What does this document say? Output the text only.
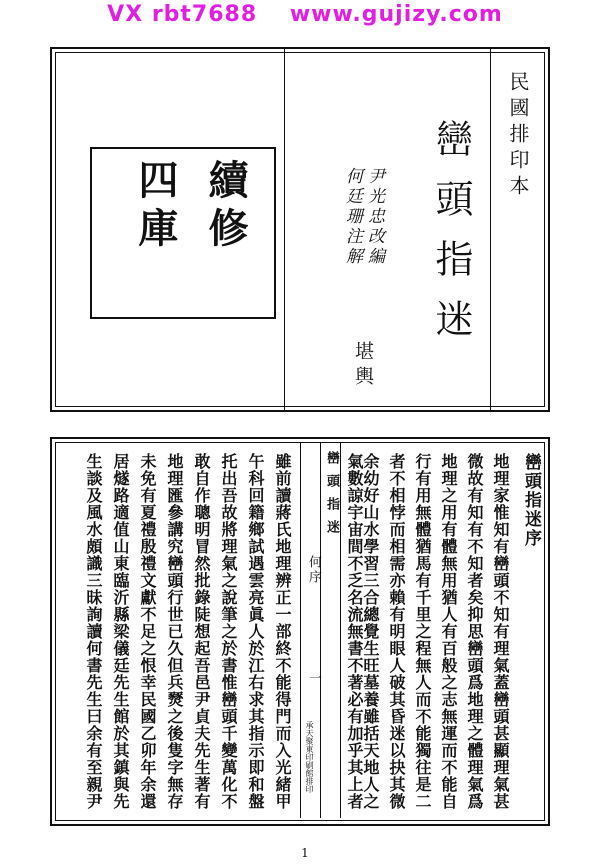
VX rbt7688 www.gujizy.com
民國排印本
巒頭指迷
尹光忠改編
何廷珊注解
堪輿
續修
四庫
巒頭指迷序
地理家惟知有巒頭不知有理氣蓋巒頭甚顯理氣甚
微故有知有不知者矣抑思巒頭爲地理之體理氣爲
地理之用有體無用猶人有百般之志無運而不能自
行有用無體猶馬有千里之程無人而不能獨往是二
者不相悖而相需亦賴有明眼人破其昏迷以抉其微
余幼好山水學習三合總覺生旺墓養雖括天地人之
氣數諒宇宙間不乏名流無書不著必有加乎其上者
巒頭指迷
何序
一
承天聚東印刷館排印
雖前讀蔣氏地理辨正一部終不能得門而入光緒甲
午科回籍鄉試遇雲亮眞人於江右求其指示即和盤
托出吾故將理氣之說筆之於書惟巒頭千變萬化不
敢自作聰明冒然批錄陡想起吾邑尹貞夫先生著有
地理匯參講究巒頭行世已久但兵燹之後隻字無存
未免有夏禮殷禮文獻不足之恨幸民國乙卯年余還
居燧路適值山東臨沂縣梁儀廷先生館於其鎮與先
生談及風水頗識三昧詢讀何書先生曰余有至親尹
1
